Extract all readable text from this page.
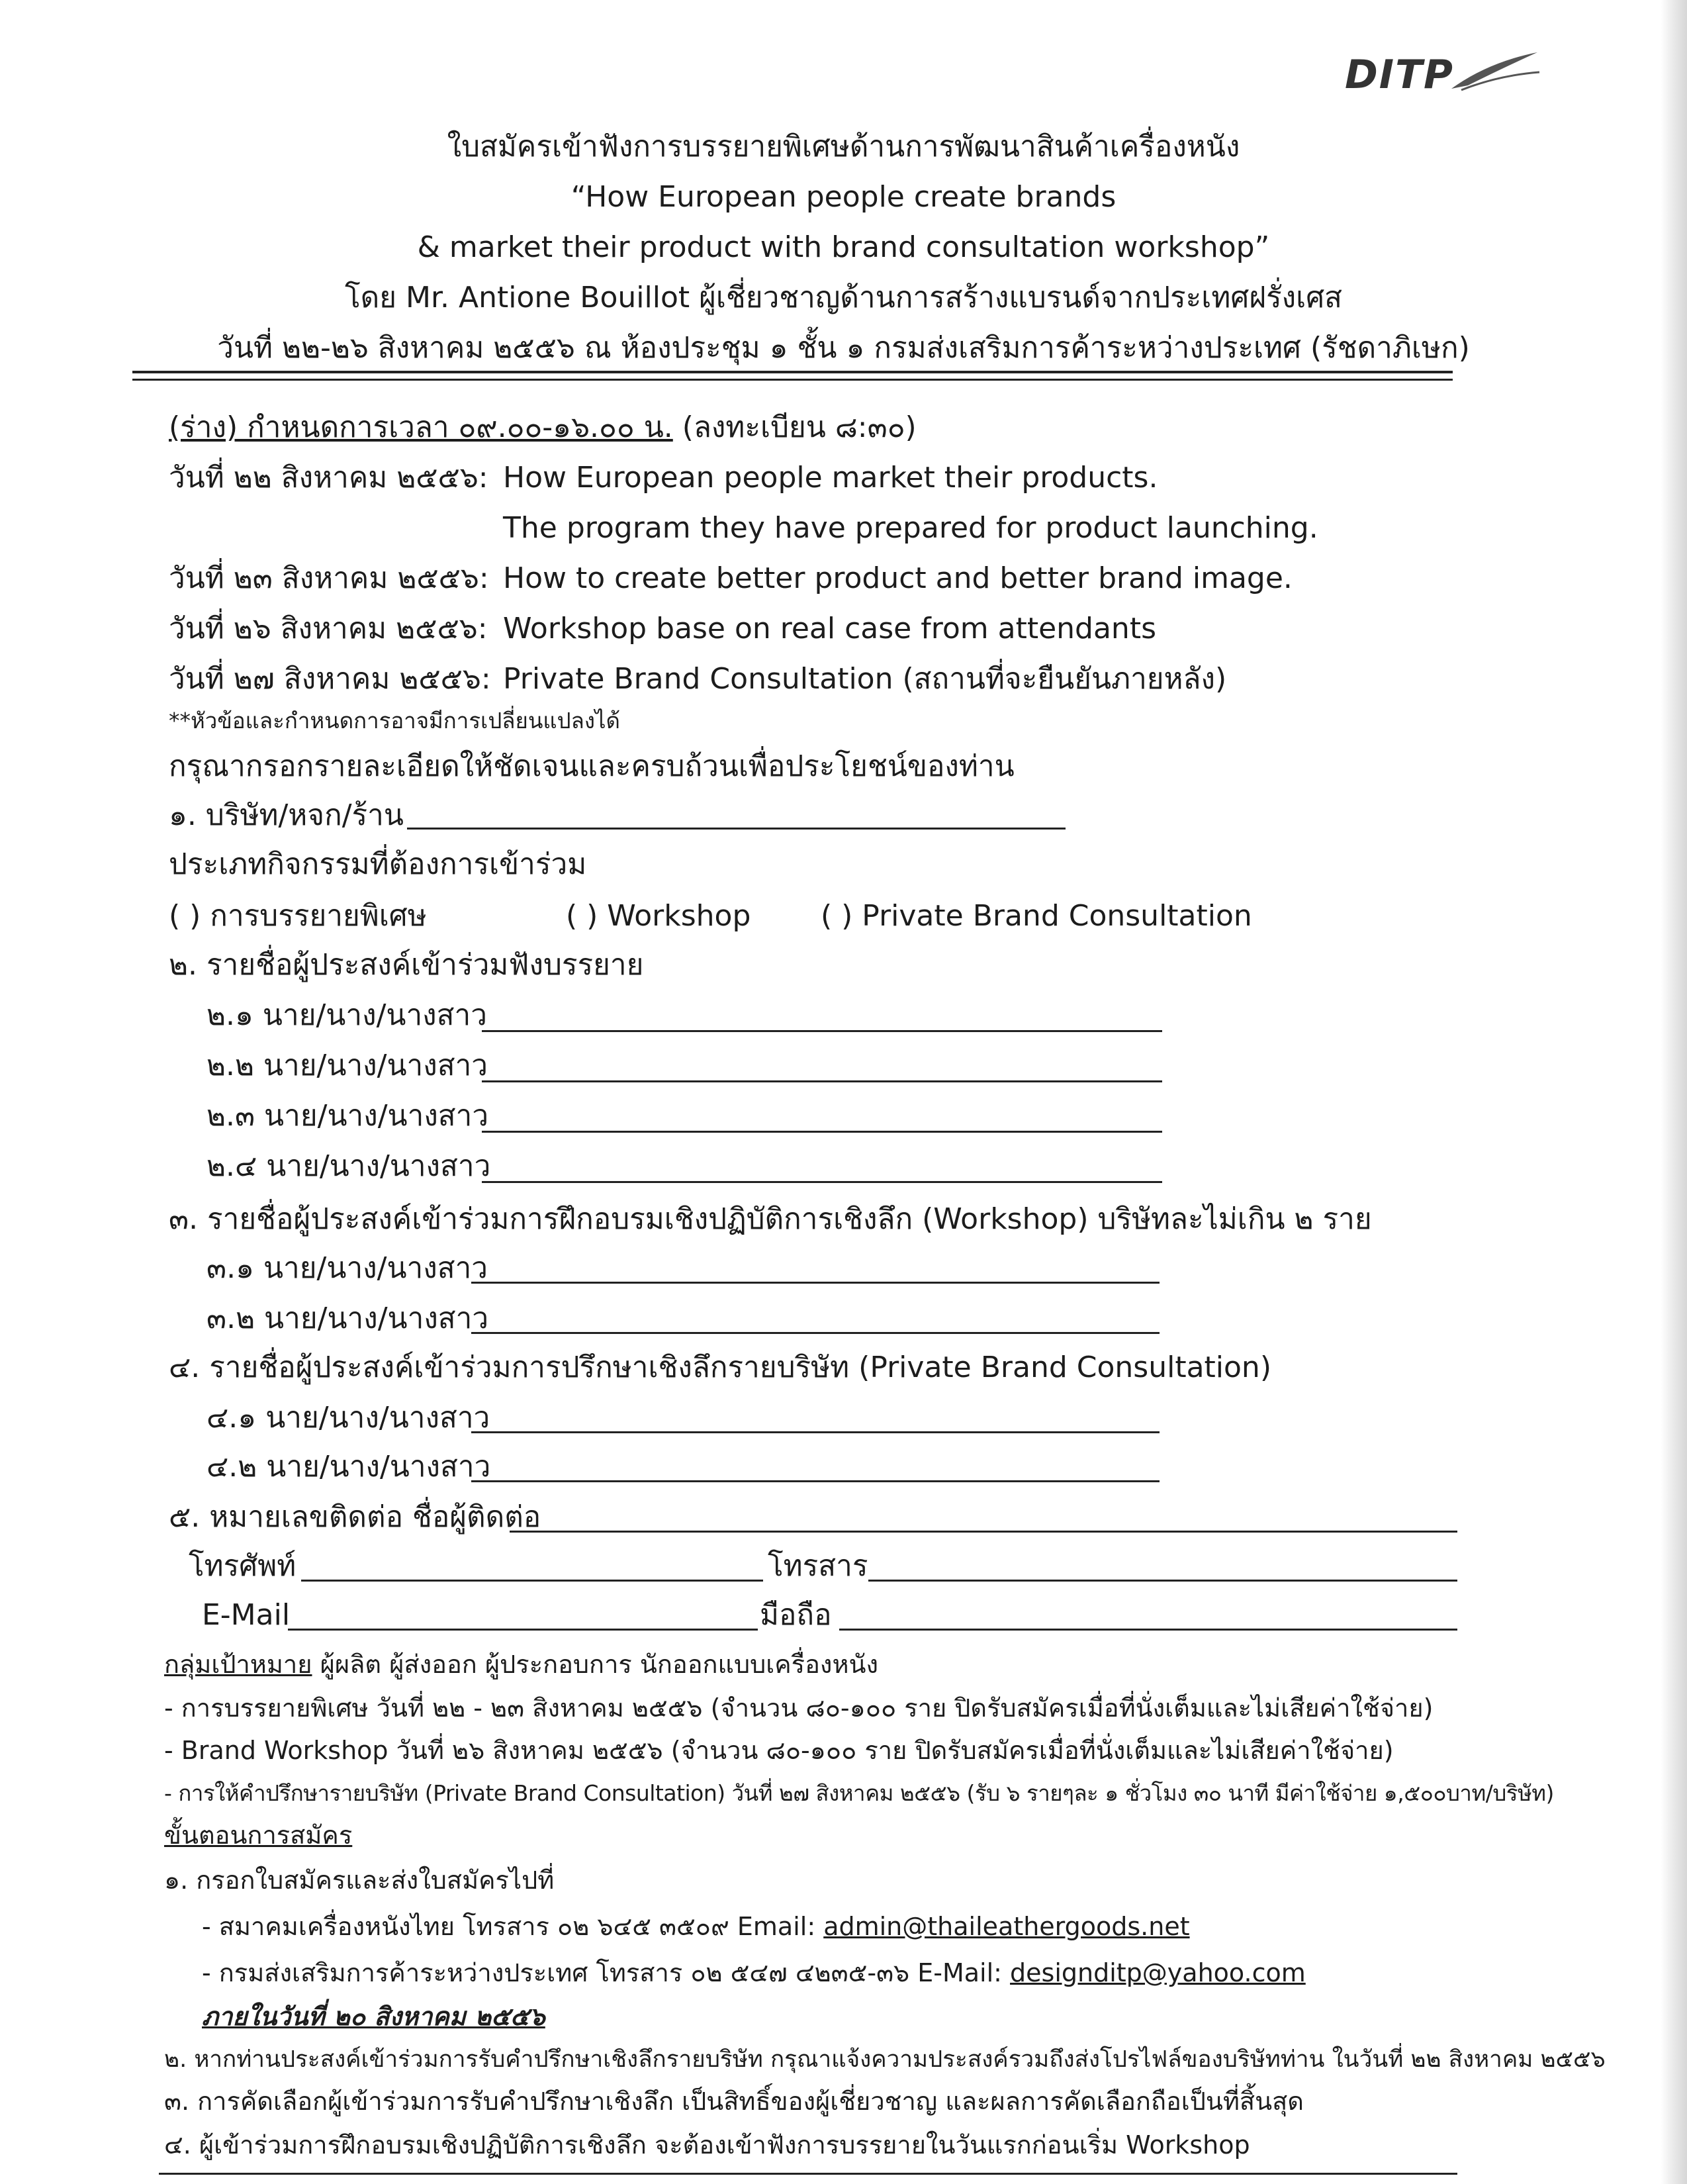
DITP
ใบสมัครเข้าฟังการบรรยายพิเศษด้านการพัฒนาสินค้าเครื่องหนัง
“How European people create brands
& market their product with brand consultation workshop”
โดย Mr. Antione Bouillot ผู้เชี่ยวชาญด้านการสร้างแบรนด์จากประเทศฝรั่งเศส
วันที่ ๒๒-๒๖ สิงหาคม ๒๕๕๖ ณ ห้องประชุม ๑ ชั้น ๑ กรมส่งเสริมการค้าระหว่างประเทศ (รัชดาภิเษก)
(ร่าง) กำหนดการเวลา ๐๙.๐๐-๑๖.๐๐ น. (ลงทะเบียน ๘:๓๐)
วันที่ ๒๒ สิงหาคม ๒๕๕๖: How European people market their products.
The program they have prepared for product launching.
วันที่ ๒๓ สิงหาคม ๒๕๕๖: How to create better product and better brand image.
วันที่ ๒๖ สิงหาคม ๒๕๕๖: Workshop base on real case from attendants
วันที่ ๒๗ สิงหาคม ๒๕๕๖: Private Brand Consultation (สถานที่จะยืนยันภายหลัง)
**หัวข้อและกำหนดการอาจมีการเปลี่ยนแปลงได้
กรุณากรอกรายละเอียดให้ชัดเจนและครบถ้วนเพื่อประโยชน์ของท่าน
๑. บริษัท/หจก/ร้าน
ประเภทกิจกรรมที่ต้องการเข้าร่วม
( ) การบรรยายพิเศษ	( ) Workshop ( ) Private Brand Consultation
๒. รายชื่อผู้ประสงค์เข้าร่วมฟังบรรยาย
๒.๑ นาย/นาง/นางสาว
๒.๒ นาย/นาง/นางสาว
๒.๓ นาย/นาง/นางสาว
๒.๔ นาย/นาง/นางสาว
๓. รายชื่อผู้ประสงค์เข้าร่วมการฝึกอบรมเชิงปฏิบัติการเชิงลึก (Workshop) บริษัทละไม่เกิน ๒ ราย
๓.๑ นาย/นาง/นางสาว
๓.๒ นาย/นาง/นางสาว
๔. รายชื่อผู้ประสงค์เข้าร่วมการปรึกษาเชิงลึกรายบริษัท (Private Brand Consultation)
๔.๑ นาย/นาง/นางสาว
๔.๒ นาย/นาง/นางสาว
๕. หมายเลขติดต่อ ชื่อผู้ติดต่อ
โทรศัพท์	โทรสาร
E-Mail	มือถือ
กลุ่มเป้าหมาย ผู้ผลิต ผู้ส่งออก ผู้ประกอบการ นักออกแบบเครื่องหนัง
- การบรรยายพิเศษ วันที่ ๒๒ - ๒๓ สิงหาคม ๒๕๕๖ (จำนวน ๘๐-๑๐๐ ราย ปิดรับสมัครเมื่อที่นั่งเต็มและไม่เสียค่าใช้จ่าย)
- Brand Workshop วันที่ ๒๖ สิงหาคม ๒๕๕๖ (จำนวน ๘๐-๑๐๐ ราย ปิดรับสมัครเมื่อที่นั่งเต็มและไม่เสียค่าใช้จ่าย)
- การให้คำปรึกษารายบริษัท (Private Brand Consultation) วันที่ ๒๗ สิงหาคม ๒๕๕๖ (รับ ๖ รายๆละ ๑ ชั่วโมง ๓๐ นาที มีค่าใช้จ่าย ๑,๕๐๐บาท/บริษัท)
ขั้นตอนการสมัคร
๑. กรอกใบสมัครและส่งใบสมัครไปที่
- สมาคมเครื่องหนังไทย โทรสาร ๐๒ ๖๔๕ ๓๕๐๙ Email: admin@thaileathergoods.net
- กรมส่งเสริมการค้าระหว่างประเทศ โทรสาร ๐๒ ๕๔๗ ๔๒๓๕-๓๖ E-Mail: designditp@yahoo.com
ภายในวันที่ ๒๐ สิงหาคม ๒๕๕๖
๒. หากท่านประสงค์เข้าร่วมการรับคำปรึกษาเชิงลึกรายบริษัท กรุณาแจ้งความประสงค์รวมถึงส่งโปรไฟล์ของบริษัทท่าน ในวันที่ ๒๒ สิงหาคม ๒๕๕๖
๓. การคัดเลือกผู้เข้าร่วมการรับคำปรึกษาเชิงลึก เป็นสิทธิ์ของผู้เชี่ยวชาญ และผลการคัดเลือกถือเป็นที่สิ้นสุด
๔. ผู้เข้าร่วมการฝึกอบรมเชิงปฏิบัติการเชิงลึก จะต้องเข้าฟังการบรรยายในวันแรกก่อนเริ่ม Workshop
